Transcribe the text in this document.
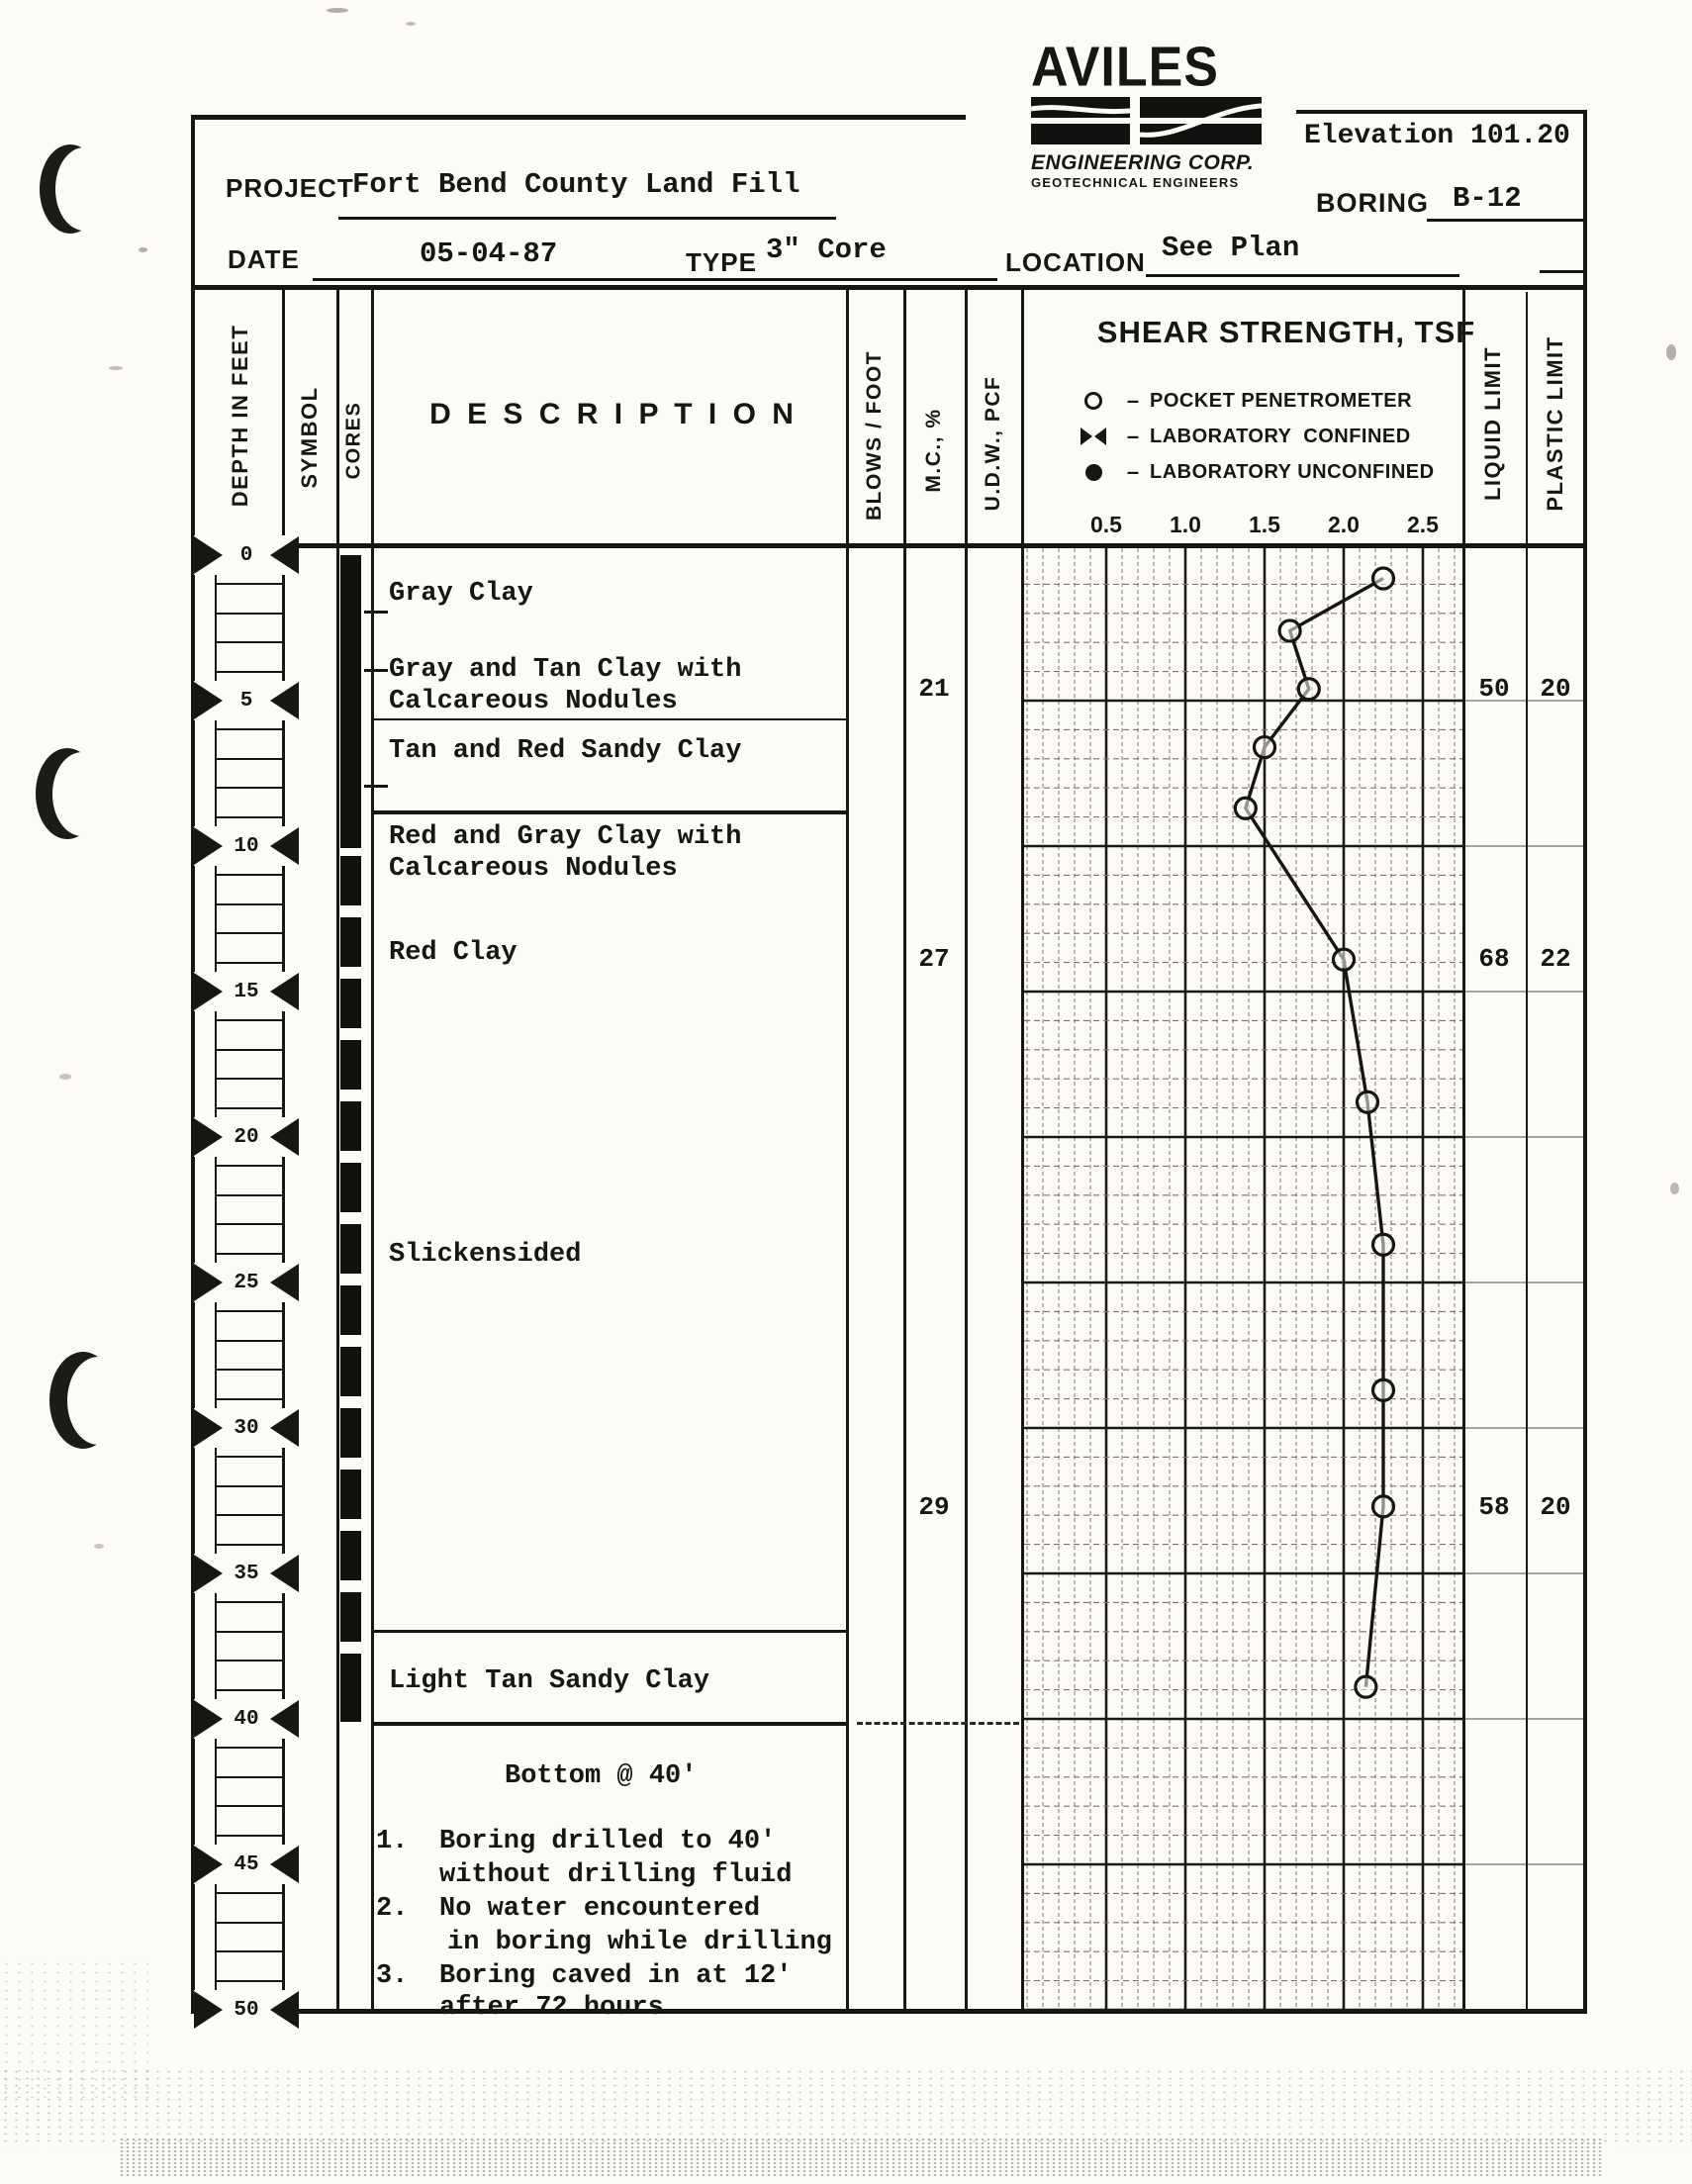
AVILES
ENGINEERING CORP.
GEOTECHNICAL ENGINEERS
PROJECT
Fort Bend County Land Fill
DATE	05-04-87	TYPE 3" Core	LOCATION See Plan
Elevation 101.20
BORING B-12
DEPTH IN FEET SYMBOL CORES	D E S C R I P T I O N	BLOWS / FOOT M.C., % U.D.W., PCF
SHEAR STRENGTH, TSF
LIQUID LIMIT PLASTIC LIMIT
– POCKET PENETROMETER
– LABORATORY  CONFINED
– LABORATORY UNCONFINED
0.5	1.0	1.5	2.0	2.5
Gray Clay
Gray and Tan Clay with
Calcareous Nodules
Tan and Red Sandy Clay
Red and Gray Clay with
Calcareous Nodules
Red Clay
Slickensided
Light Tan Sandy Clay
21	50	20
27	68	22
29	58	20
Bottom @ 40'
1. Boring drilled to 40'
without drilling fluid
2. No water encountered
in boring while drilling
3. Boring caved in at 12'
after 72 hours
0
5
10
15
20
25
30
35
40
45
50
